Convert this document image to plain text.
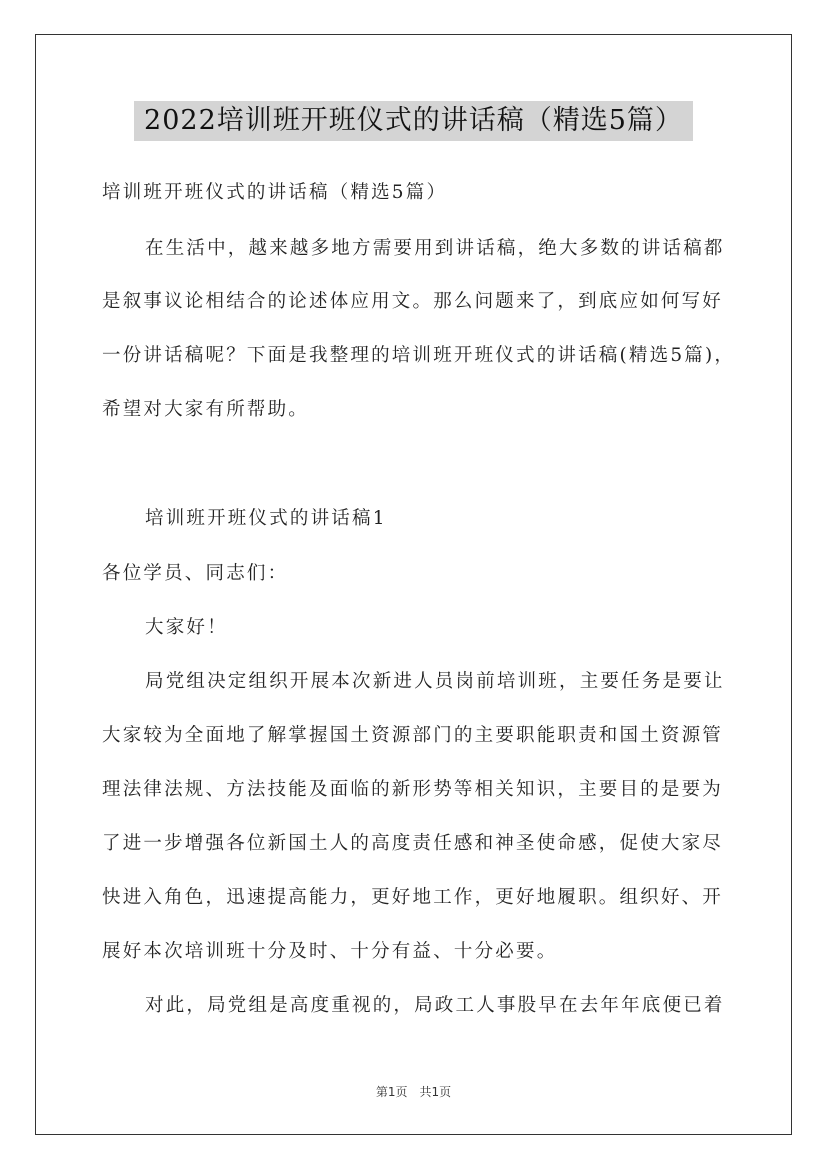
2022培训班开班仪式的讲话稿（精选5篇）
培训班开班仪式的讲话稿（精选5篇）
在生活中，越来越多地方需要用到讲话稿，绝大多数的讲话稿都
是叙事议论相结合的论述体应用文。那么问题来了，到底应如何写好
一份讲话稿呢？下面是我整理的培训班开班仪式的讲话稿(精选5篇)，
希望对大家有所帮助。
培训班开班仪式的讲话稿1
各位学员、同志们：
大家好！
局党组决定组织开展本次新进人员岗前培训班，主要任务是要让
大家较为全面地了解掌握国土资源部门的主要职能职责和国土资源管
理法律法规、方法技能及面临的新形势等相关知识，主要目的是要为
了进一步增强各位新国土人的高度责任感和神圣使命感，促使大家尽
快进入角色，迅速提高能力，更好地工作，更好地履职。组织好、开
展好本次培训班十分及时、十分有益、十分必要。
对此，局党组是高度重视的，局政工人事股早在去年年底便已着
第1页　共1页
